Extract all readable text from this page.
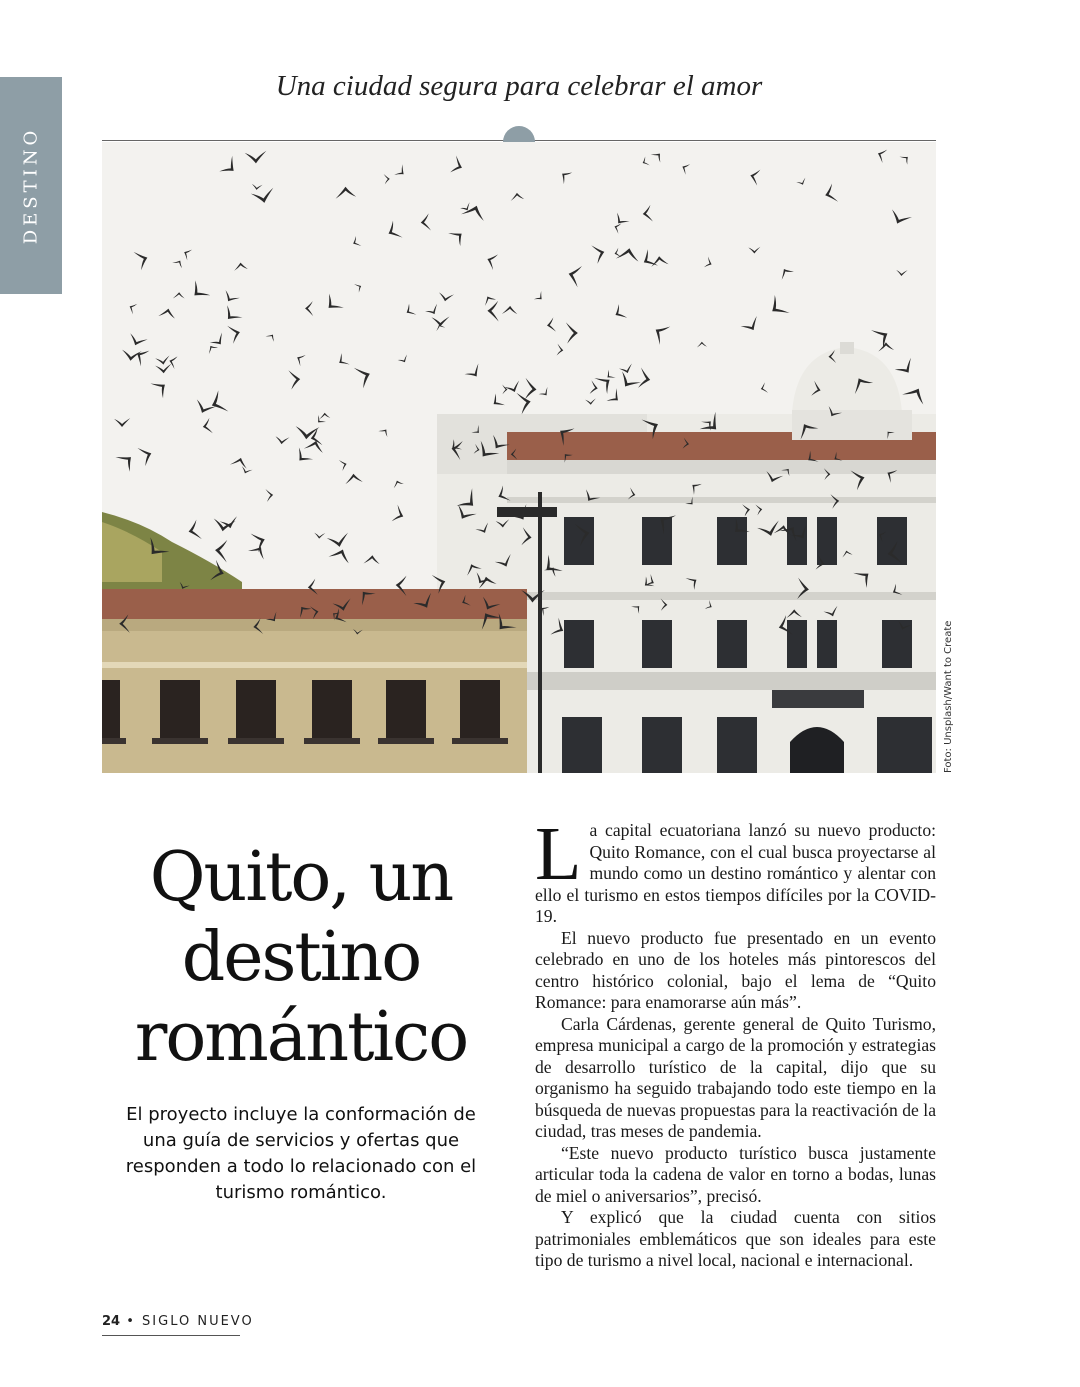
DESTINO
Una ciudad segura para celebrar el amor
Foto: Unsplash/Want to Create
Quito, un
destino
romántico
El proyecto incluye la conformación de una guía de servicios y ofertas que responden a todo lo relacionado con el turismo romántico.

La capital ecuatoriana lanzó su nuevo producto: Quito Romance, con el cual busca proyectarse al mundo como un destino romántico y alentar con ello el turismo en estos tiempos difíciles por la COVID-19.

El nuevo producto fue presentado en un evento celebrado en uno de los hoteles más pintorescos del centro histórico colonial, bajo el lema de “Quito Romance: para enamorarse aún más”.

Carla Cárdenas, gerente general de Quito Turismo, empresa municipal a cargo de la promoción y estrategias de desarrollo turístico de la capital, dijo que su organismo ha seguido trabajando todo este tiempo en la búsqueda de nuevas propuestas para la reactivación de la ciudad, tras meses de pandemia.

“Este nuevo producto turístico busca justamente articular toda la cadena de valor en torno a bodas, lunas de miel o aniversarios”, precisó.

Y explicó que la ciudad cuenta con sitios patrimoniales emblemáticos que son ideales para este tipo de turismo a nivel local, nacional e internacional.

24 • SIGLO NUEVO
